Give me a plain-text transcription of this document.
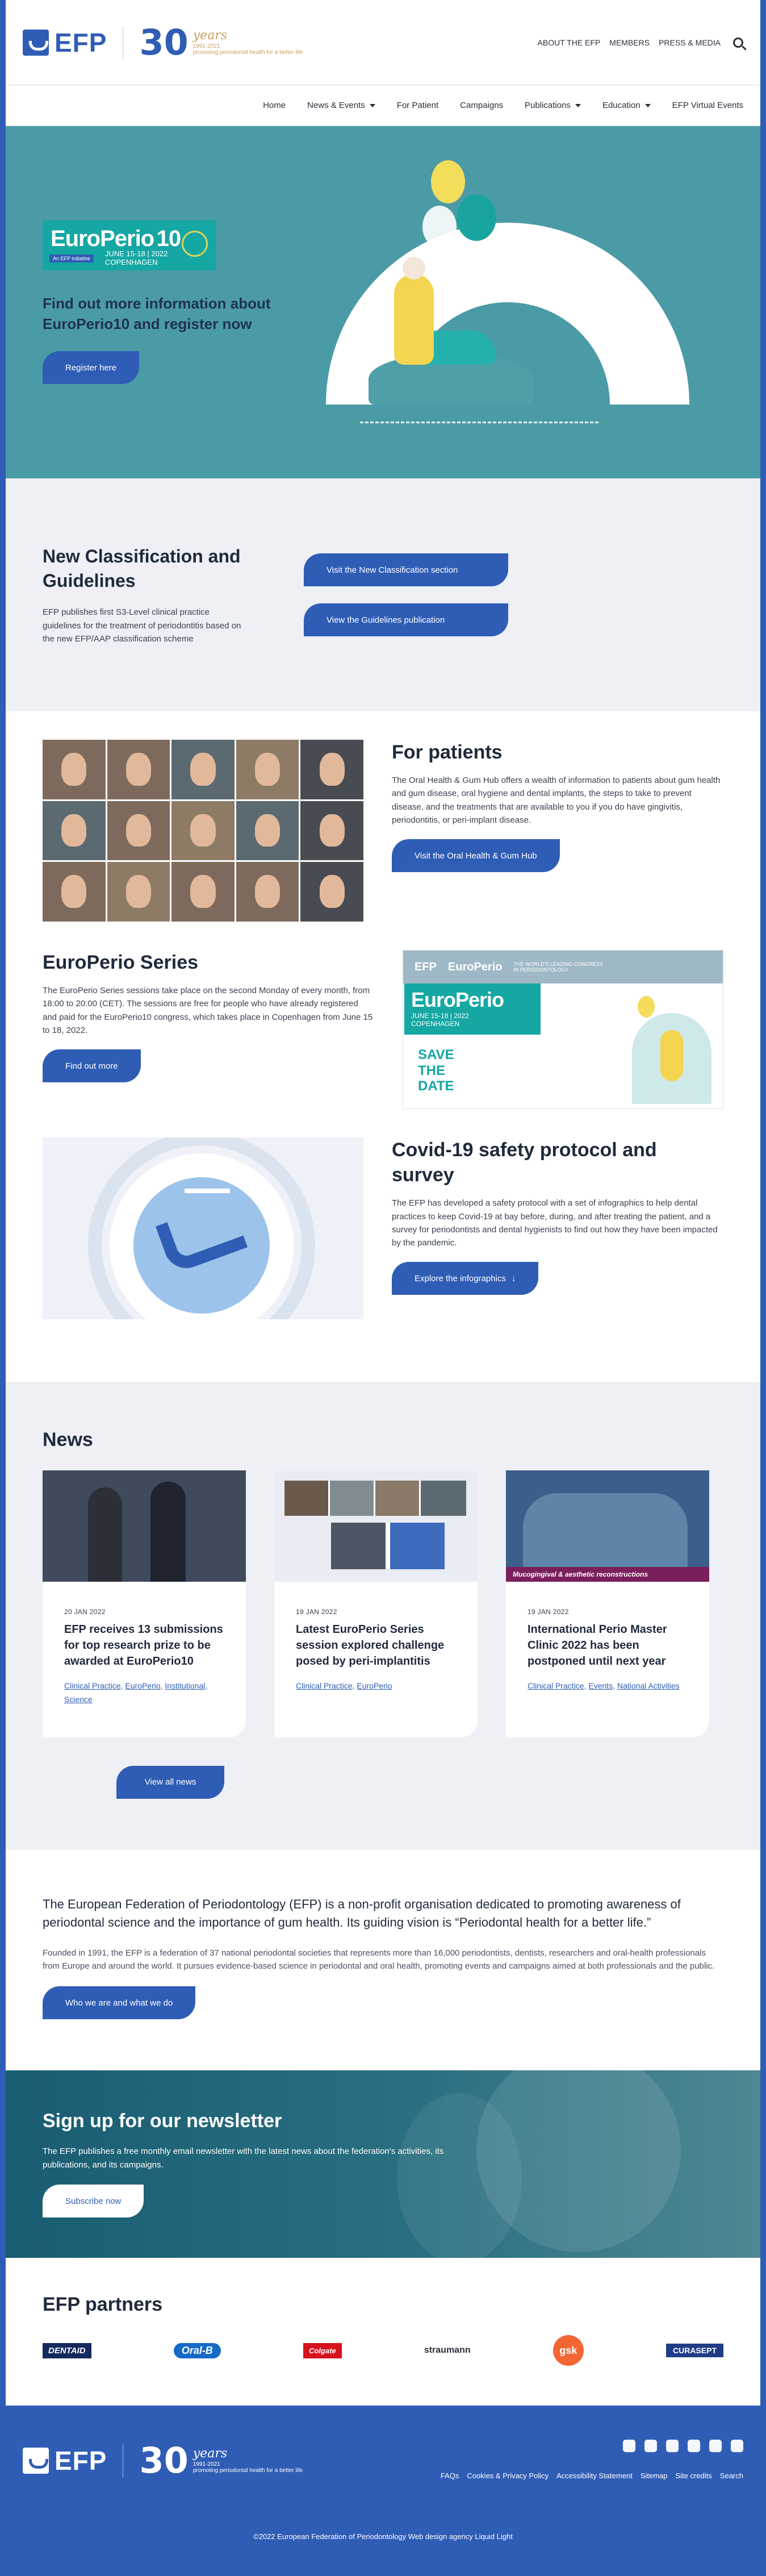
EFP 30 years
1991-2021
promoting periodontal health for a better life
ABOUT THE EFP MEMBERS PRESS & MEDIA
Home	News & Events	For Patient	Campaigns	Publications	Education	EFP Virtual Events
EuroPerio 10
An EFP initiative
JUNE 15-18 | 2022
COPENHAGEN
Find out more information about EuroPerio10 and register now
Register here
New Classification and Guidelines

EFP publishes first S3-Level clinical practice guidelines for the treatment of periodontitis based on the new EFP/AAP classification scheme

Visit the New Classification section
View the Guidelines publication
For patients

The Oral Health & Gum Hub offers a wealth of information to patients about gum health and gum disease, oral hygiene and dental implants, the steps to take to prevent disease, and the treatments that are available to you if you do have gingivitis, periodontitis, or peri-implant disease.

Visit the Oral Health & Gum Hub
EuroPerio Series

The EuroPerio Series sessions take place on the second Monday of every month, from 18:00 to 20:00 (CET). The sessions are free for people who have already registered and paid for the EuroPerio10 congress, which takes place in Copenhagen from June 15 to 18, 2022.

Find out more
EFP EuroPerio THE WORLD'S LEADING CONGRESS IN PERIODONTOLOGY
EuroPerio
JUNE 15-18 | 2022
COPENHAGEN
SAVE
THE
DATE
Covid-19 safety protocol and survey

The EFP has developed a safety protocol with a set of infographics to help dental practices to keep Covid-19 at bay before, during, and after treating the patient, and a survey for periodontists and dental hygienists to find out how they have been impacted by the pandemic.

Explore the infographics ↓
News
20 JAN 2022
EFP receives 13 submissions for top research prize to be awarded at EuroPerio10
Clinical Practice, EuroPerio, Institutional, Science
19 JAN 2022
Latest EuroPerio Series session explored challenge posed by peri-implantitis
Clinical Practice, EuroPerio
Mucogingival & aesthetic reconstructions
19 JAN 2022
International Perio Master Clinic 2022 has been postponed until next year
Clinical Practice, Events, National Activities
View all news

The European Federation of Periodontology (EFP) is a non-profit organisation dedicated to promoting awareness of periodontal science and the importance of gum health. Its guiding vision is “Periodontal health for a better life.”

Founded in 1991, the EFP is a federation of 37 national periodontal societies that represents more than 16,000 periodontists, dentists, researchers and oral-health professionals from Europe and around the world. It pursues evidence-based science in periodontal and oral health, promoting events and campaigns aimed at both professionals and the public.

Who we are and what we do
Sign up for our newsletter

The EFP publishes a free monthly email newsletter with the latest news about the federation's activities, its publications, and its campaigns.

Subscribe now
EFP partners
DENTAID	Oral-B	Colgate	straumann	gsk	CURASEPT
EFP 30 years
1991-2021
promoting periodontal health for a better life
FAQs Cookies & Privacy Policy Accessibility Statement Sitemap Site credits Search
©2022 European Federation of Periodontology Web design agency Liquid Light
